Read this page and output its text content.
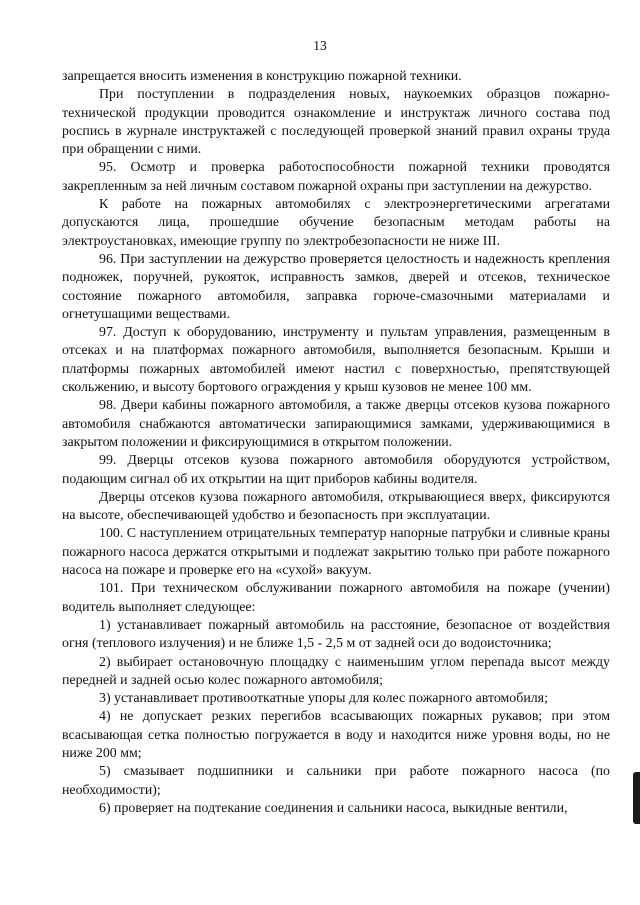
13

запрещается вносить изменения в конструкцию пожарной техники.

При поступлении в подразделения новых, наукоемких образцов пожарно-технической продукции проводится ознакомление и инструктаж личного состава под роспись в журнале инструктажей с последующей проверкой знаний правил охраны труда при обращении с ними.

95. Осмотр и проверка работоспособности пожарной техники проводятся закрепленным за ней личным составом пожарной охраны при заступлении на дежурство.

К работе на пожарных автомобилях с электроэнергетическими агрегатами допускаются лица, прошедшие обучение безопасным методам работы на электроустановках, имеющие группу по электробезопасности не ниже III.

96. При заступлении на дежурство проверяется целостность и надежность крепления подножек, поручней, рукояток, исправность замков, дверей и отсеков, техническое состояние пожарного автомобиля, заправка горюче-смазочными материалами и огнетушащими веществами.

97. Доступ к оборудованию, инструменту и пультам управления, размещенным в отсеках и на платформах пожарного автомобиля, выполняется безопасным. Крыши и платформы пожарных автомобилей имеют настил с поверхностью, препятствующей скольжению, и высоту бортового ограждения у крыш кузовов не менее 100 мм.

98. Двери кабины пожарного автомобиля, а также дверцы отсеков кузова пожарного автомобиля снабжаются автоматически запирающимися замками, удерживающимися в закрытом положении и фиксирующимися в открытом положении.

99. Дверцы отсеков кузова пожарного автомобиля оборудуются устройством, подающим сигнал об их открытии на щит приборов кабины водителя.

Дверцы отсеков кузова пожарного автомобиля, открывающиеся вверх, фиксируются на высоте, обеспечивающей удобство и безопасность при эксплуатации.

100. С наступлением отрицательных температур напорные патрубки и сливные краны пожарного насоса держатся открытыми и подлежат закрытию только при работе пожарного насоса на пожаре и проверке его на «сухой» вакуум.

101. При техническом обслуживании пожарного автомобиля на пожаре (учении) водитель выполняет следующее:

1) устанавливает пожарный автомобиль на расстояние, безопасное от воздействия огня (теплового излучения) и не ближе 1,5 - 2,5 м от задней оси до водоисточника;

2) выбирает остановочную площадку с наименьшим углом перепада высот между передней и задней осью колес пожарного автомобиля;

3) устанавливает противооткатные упоры для колес пожарного автомобиля;

4) не допускает резких перегибов всасывающих пожарных рукавов; при этом всасывающая сетка полностью погружается в воду и находится ниже уровня воды, но не ниже 200 мм;

5) смазывает подшипники и сальники при работе пожарного насоса (по необходимости);

6) проверяет на подтекание соединения и сальники насоса, выкидные вентили,
